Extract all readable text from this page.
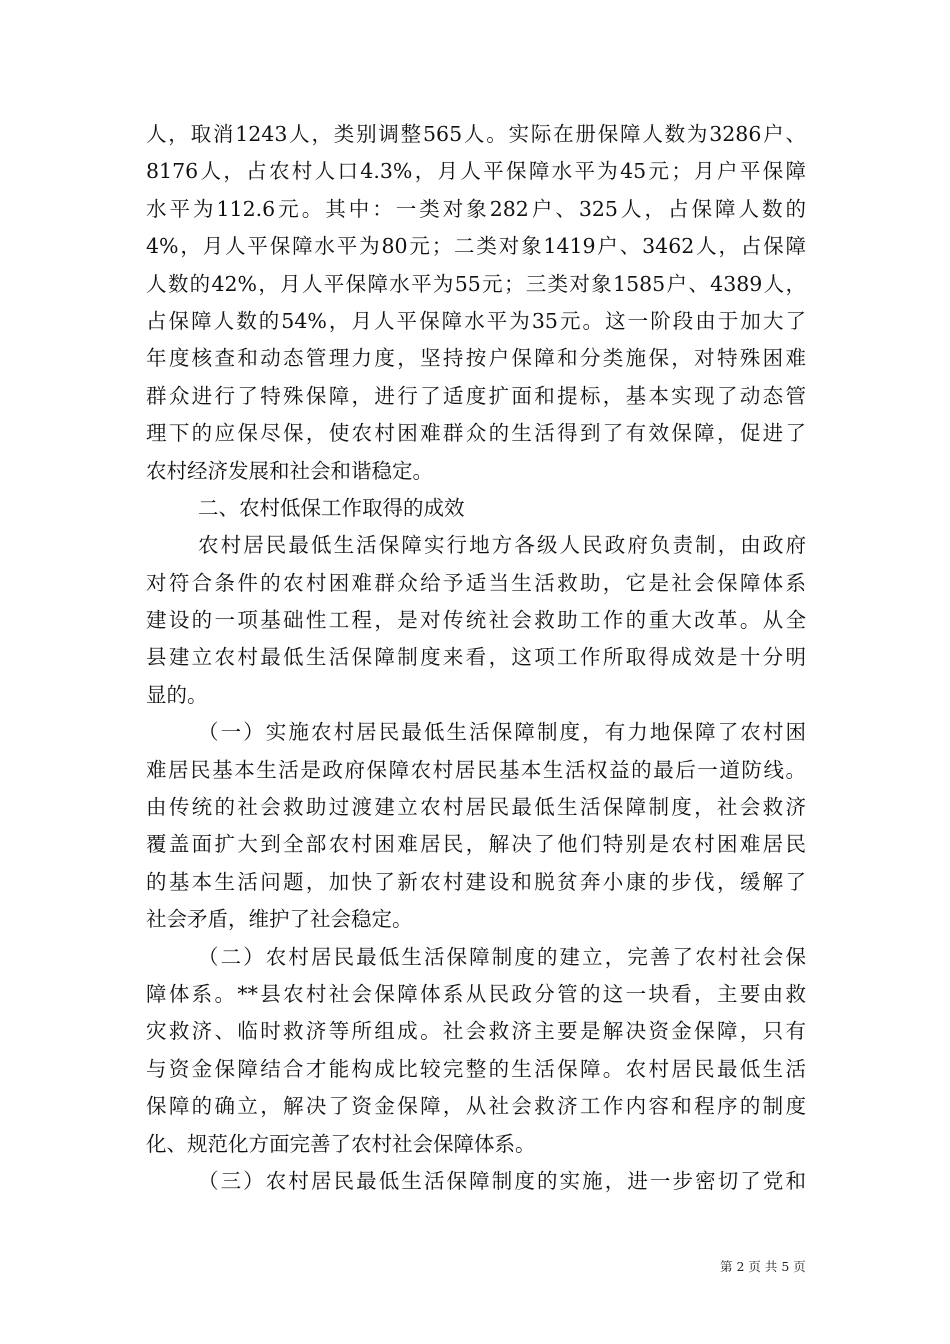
人，取消1243人，类别调整565人。实际在册保障人数为3286户、
8176人，占农村人口4.3%，月人平保障水平为45元；月户平保障
水平为112.6元。其中：一类对象282户、325人，占保障人数的
4%，月人平保障水平为80元；二类对象1419户、3462人，占保障
人数的42%，月人平保障水平为55元；三类对象1585户、4389人，
占保障人数的54%，月人平保障水平为35元。这一阶段由于加大了
年度核查和动态管理力度，坚持按户保障和分类施保，对特殊困难
群众进行了特殊保障，进行了适度扩面和提标，基本实现了动态管
理下的应保尽保，使农村困难群众的生活得到了有效保障，促进了
农村经济发展和社会和谐稳定。
二、农村低保工作取得的成效
农村居民最低生活保障实行地方各级人民政府负责制，由政府
对符合条件的农村困难群众给予适当生活救助，它是社会保障体系
建设的一项基础性工程，是对传统社会救助工作的重大改革。从全
县建立农村最低生活保障制度来看，这项工作所取得成效是十分明
显的。
（一）实施农村居民最低生活保障制度，有力地保障了农村困
难居民基本生活是政府保障农村居民基本生活权益的最后一道防线。
由传统的社会救助过渡建立农村居民最低生活保障制度，社会救济
覆盖面扩大到全部农村困难居民，解决了他们特别是农村困难居民
的基本生活问题，加快了新农村建设和脱贫奔小康的步伐，缓解了
社会矛盾，维护了社会稳定。
（二）农村居民最低生活保障制度的建立，完善了农村社会保
障体系。**县农村社会保障体系从民政分管的这一块看，主要由救
灾救济、临时救济等所组成。社会救济主要是解决资金保障，只有
与资金保障结合才能构成比较完整的生活保障。农村居民最低生活
保障的确立，解决了资金保障，从社会救济工作内容和程序的制度
化、规范化方面完善了农村社会保障体系。
（三）农村居民最低生活保障制度的实施，进一步密切了党和
第 2 页 共 5 页
